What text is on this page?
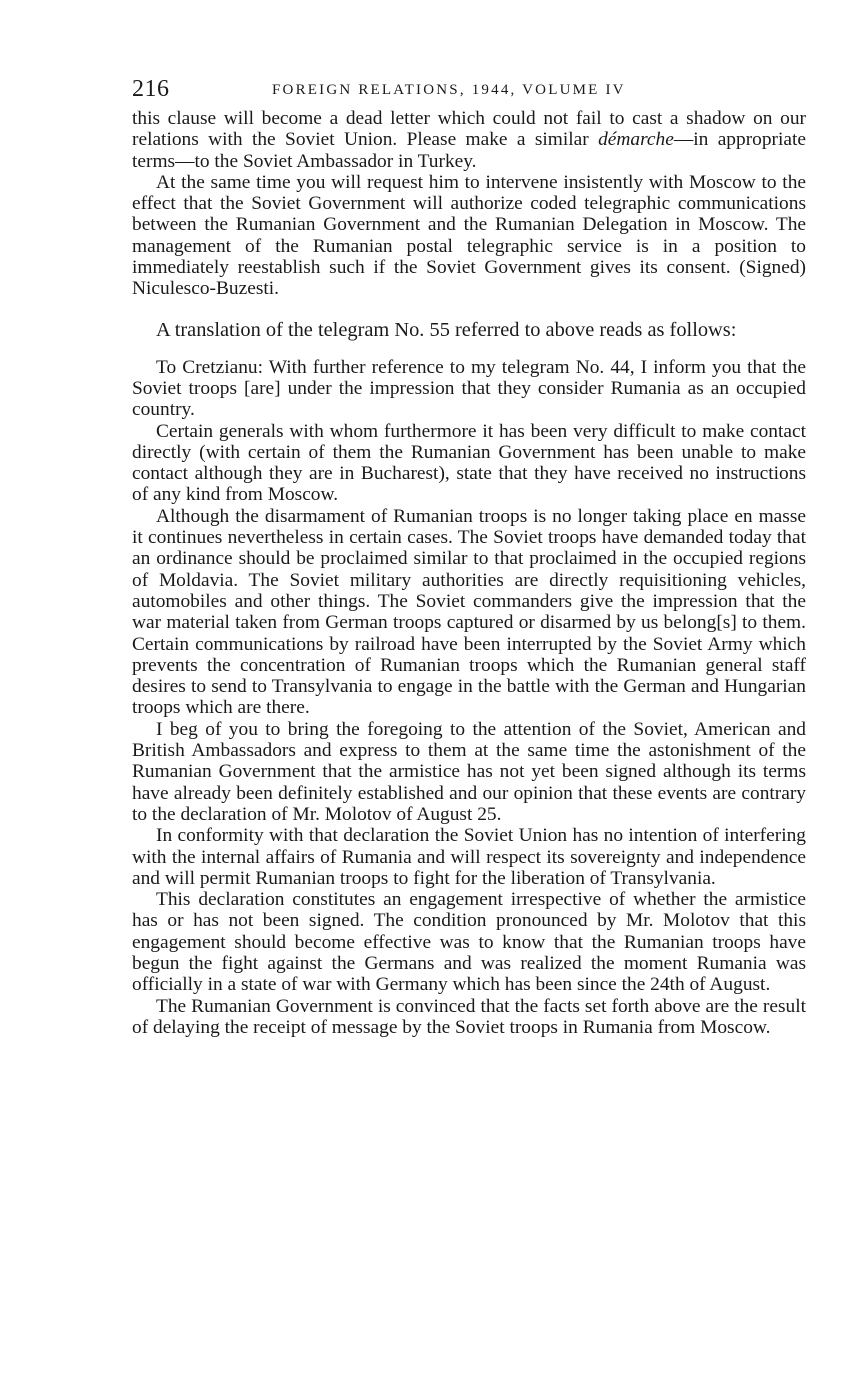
216	FOREIGN RELATIONS, 1944, VOLUME IV

this clause will become a dead letter which could not fail to cast a shadow on our relations with the Soviet Union. Please make a similar démarche—in appropriate terms—to the Soviet Ambassador in Turkey.

At the same time you will request him to intervene insistently with Moscow to the effect that the Soviet Government will authorize coded telegraphic communications between the Rumanian Government and the Rumanian Delegation in Moscow. The management of the Rumanian postal telegraphic service is in a position to immediately reestablish such if the Soviet Government gives its consent. (Signed) Niculesco-Buzesti.

A translation of the telegram No. 55 referred to above reads as follows:

To Cretzianu: With further reference to my telegram No. 44, I inform you that the Soviet troops [are] under the impression that they consider Rumania as an occupied country.

Certain generals with whom furthermore it has been very difficult to make contact directly (with certain of them the Rumanian Government has been unable to make contact although they are in Bucharest), state that they have received no instructions of any kind from Moscow.

Although the disarmament of Rumanian troops is no longer taking place en masse it continues nevertheless in certain cases. The Soviet troops have demanded today that an ordinance should be proclaimed similar to that proclaimed in the occupied regions of Moldavia. The Soviet military authorities are directly requisitioning vehicles, automobiles and other things. The Soviet commanders give the impression that the war material taken from German troops captured or disarmed by us belong[s] to them. Certain communications by railroad have been interrupted by the Soviet Army which prevents the concentration of Rumanian troops which the Rumanian general staff desires to send to Transylvania to engage in the battle with the German and Hungarian troops which are there.

I beg of you to bring the foregoing to the attention of the Soviet, American and British Ambassadors and express to them at the same time the astonishment of the Rumanian Government that the armistice has not yet been signed although its terms have already been definitely established and our opinion that these events are contrary to the declaration of Mr. Molotov of August 25.

In conformity with that declaration the Soviet Union has no intention of interfering with the internal affairs of Rumania and will respect its sovereignty and independence and will permit Rumanian troops to fight for the liberation of Transylvania.

This declaration constitutes an engagement irrespective of whether the armistice has or has not been signed. The condition pronounced by Mr. Molotov that this engagement should become effective was to know that the Rumanian troops have begun the fight against the Germans and was realized the moment Rumania was officially in a state of war with Germany which has been since the 24th of August.

The Rumanian Government is convinced that the facts set forth above are the result of delaying the receipt of message by the Soviet troops in Rumania from Moscow.
